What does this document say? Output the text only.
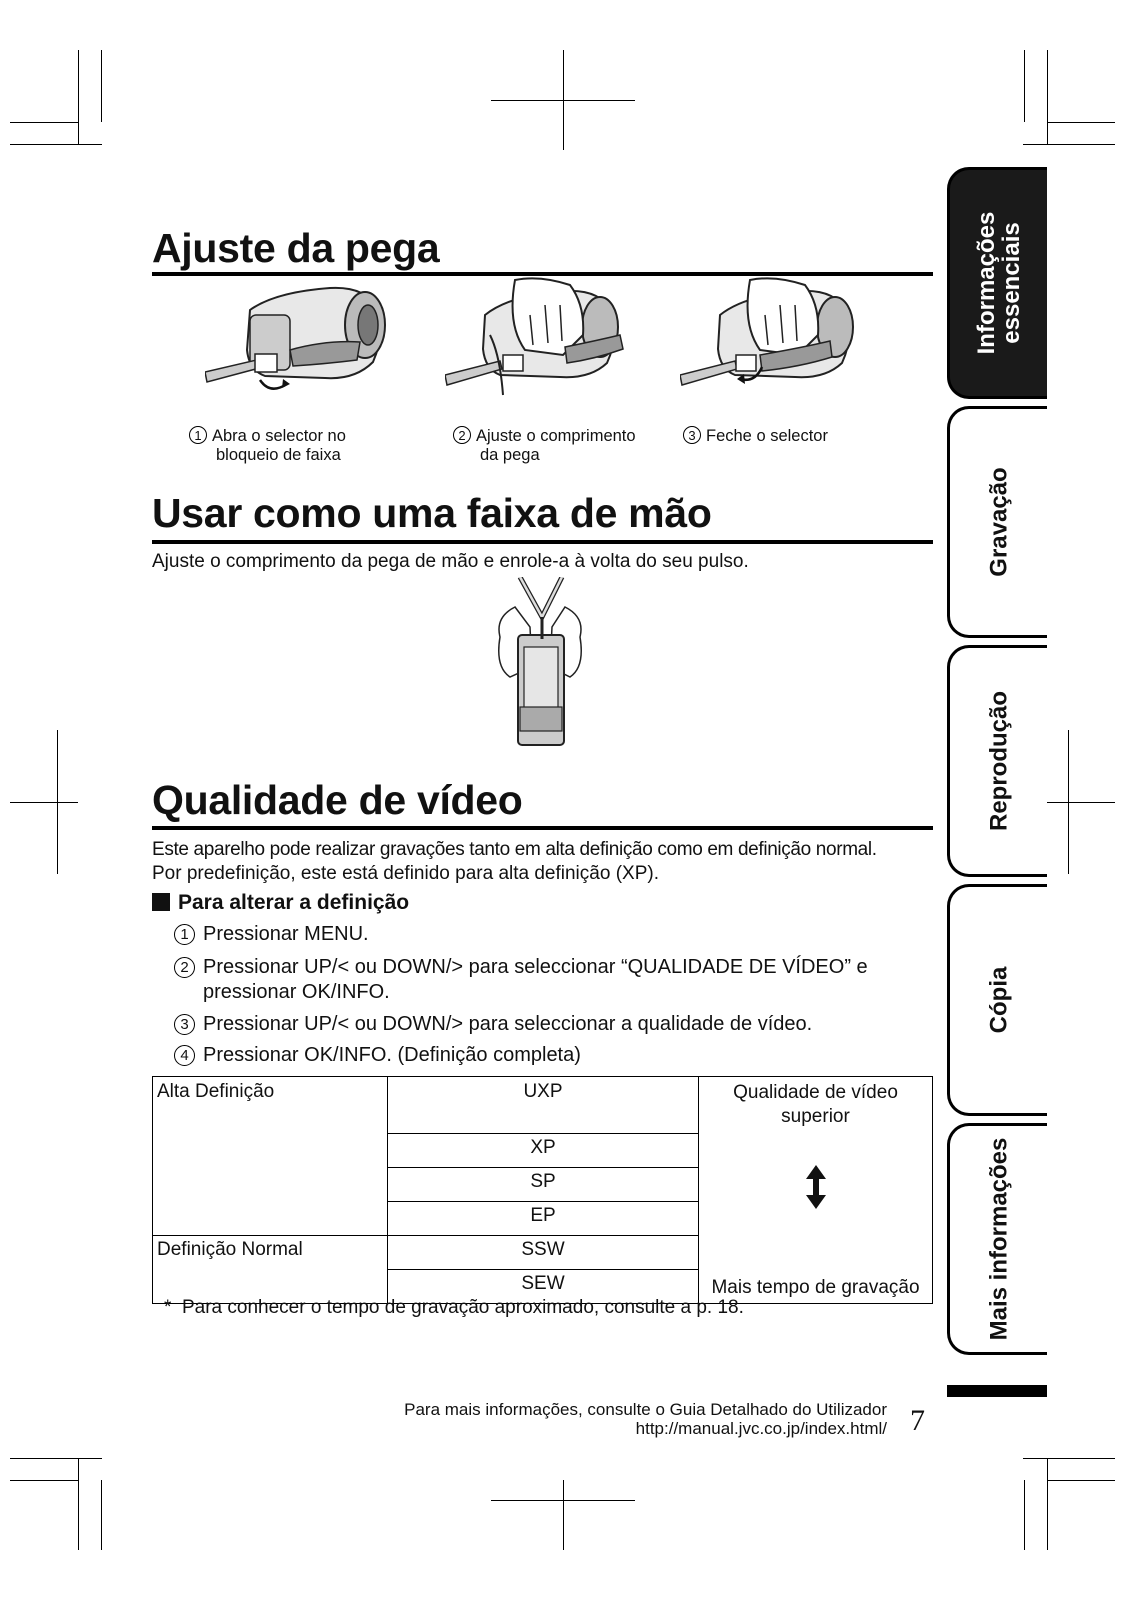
Ajuste da pega
1 Abra o selector no
bloqueio de faixa
2 Ajuste o comprimento
da pega
3 Feche o selector
Usar como uma faixa de mão
Ajuste o comprimento da pega de mão e enrole-a à volta do seu pulso.
Qualidade de vídeo
Este aparelho pode realizar gravações tanto em alta definição como em definição normal.
Por predefinição, este está definido para alta definição (XP).
Para alterar a definição
1 Pressionar MENU.
2 Pressionar UP/< ou DOWN/> para seleccionar “QUALIDADE DE VÍDEO” e
pressionar OK/INFO.
3 Pressionar UP/< ou DOWN/> para seleccionar a qualidade de vídeo.
4 Pressionar OK/INFO. (Definição completa)
Alta Definição	UXP	Qualidade de vídeo
superior
Mais tempo de gravação

	XP	
	SP	
	EP	
Definição Normal	SSW	
	SEW	
* Para conhecer o tempo de gravação aproximado, consulte a p. 18.
Informações
essenciais
Gravação
Reprodução
Cópia
Mais informações
Para mais informações, consulte o Guia Detalhado do Utilizador
http://manual.jvc.co.jp/index.html/ 7
